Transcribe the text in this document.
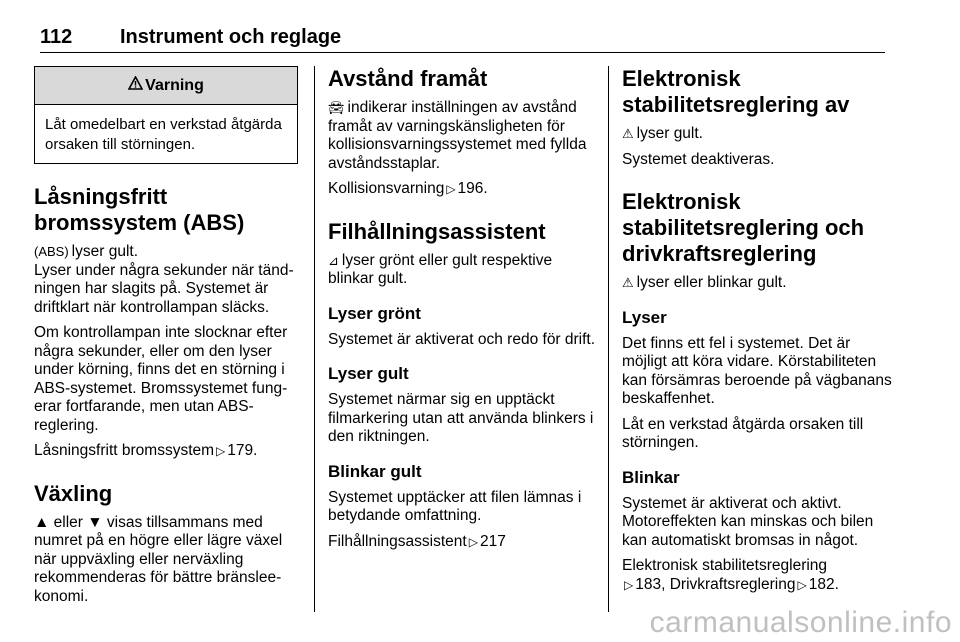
112 Instrument och reglage
Varning
Låt omedelbart en verkstad åtgärda orsaken till störningen.
Låsningsfritt bromssystem (ABS)

(ABS) lyser gult.

Lyser under några sekunder när tändningen har slagits på. Systemet är driftklart när kontrollampan släcks.

Om kontrollampan inte slocknar efter några sekunder, eller om den lyser under körning, finns det en störning i ABS-systemet. Bromssystemet fungerar fortfarande, men utan ABS-reglering.

Låsningsfritt bromssystem ▷ 179.

Växling

▲ eller ▼ visas tillsammans med numret på en högre eller lägre växel när uppväxling eller nerväxling rekommenderas för bättre bränsleekonomi.

Avstånd framåt

🚘︎ indikerar inställningen av avstånd framåt av varningskänsligheten för kollisionsvarningssystemet med fyllda avståndsstaplar.

Kollisionsvarning ▷ 196.

Filhållningsassistent

⊿ lyser grönt eller gult respektive blinkar gult.

Lyser grönt

Systemet är aktiverat och redo för drift.

Lyser gult

Systemet närmar sig en upptäckt filmarkering utan att använda blinkers i den riktningen.

Blinkar gult

Systemet upptäcker att filen lämnas i betydande omfattning.

Filhållningsassistent ▷ 217

Elektronisk stabilitetsreglering av

⚠︎ lyser gult.

Systemet deaktiveras.

Elektronisk stabilitetsreglering och drivkraftsreglering

⚠︎ lyser eller blinkar gult.

Lyser

Det finns ett fel i systemet. Det är möjligt att köra vidare. Körstabiliteten kan försämras beroende på vägbanans beskaffenhet.

Låt en verkstad åtgärda orsaken till störningen.

Blinkar

Systemet är aktiverat och aktivt. Motoreffekten kan minskas och bilen kan automatiskt bromsas in något.

Elektronisk stabilitetsreglering
▷ 183, Drivkraftsreglering ▷ 182.

carmanualsonline.info
